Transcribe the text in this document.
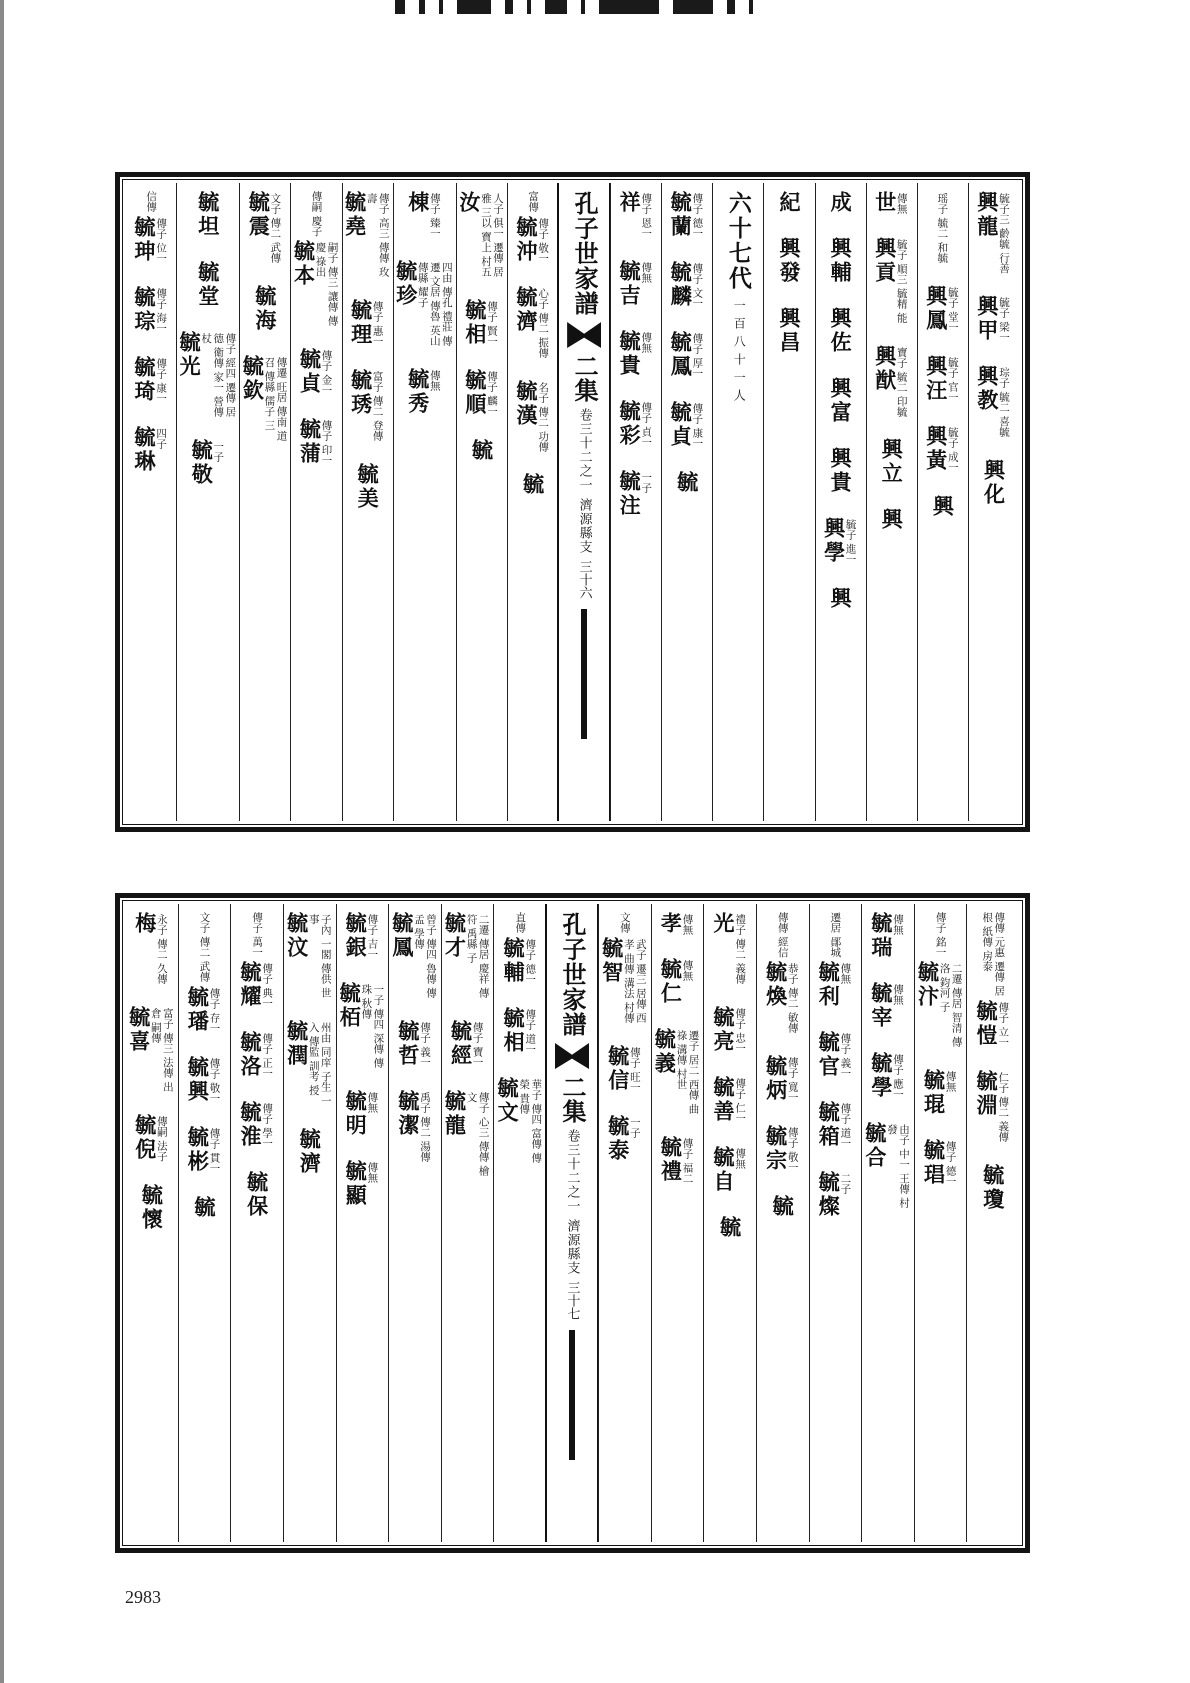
興龍
毓子三 齡毓 行善
興甲
毓子 梁一
興教
琮子 毓二 喜毓
興化
瑶子 毓二 和毓
興鳳
毓子 堂一
興汪
毓子 官一
興黃
毓子 成一
興
世
傳無
興貢
毓子 順三 毓精 能
興猷
寶子 毓二 印毓
興立
興
成
興輔
興佐
興富
興貴
興學
毓子 進一
興
紀
興發
興昌
六十七代
一百八十一人
毓蘭
傳子 德一
毓麟
傳子 文一
毓鳳
傳子 厚一
毓貞
傳子 康一
毓
祥
傳子 恩一
毓吉
傳無
毓貴
傳無
毓彩
傳子 貞一
毓注
一子
孔子世家譜
二集
卷三十二之一
濟源縣支
三十六
富傳
毓沖
傳子 敬一
毓濟
心子 傳二 振傳
毓漢
名子 傳二 功傳
毓
汝 人子 俱一 遷傳 居雅 三以 寶上 村五
毓相
傳子 賢一
毓順
傳子 麟一
毓
棟
傳子 臻一
毓珍	四由 傳孔 禮莊 傳遷 文居 傳魯 英山 傳縣 耀子
毓秀
傳無
毓堯 傳子 高三 傳傳 玫壽
毓理
傳子 惠一
毓琇
富子 傳二 登傳
毓美
傳嗣 慶子
毓本 嗣子 傳三 讓傳 傳慶 祿出
毓貞
傳子 金一
毓蒲
傳子 印一
毓震
文子 傳二 武傳
毓海
毓欽 傳遷 旺居 傳南 道召 傳縣 儒子 三
毓坦
毓堂
毓光	傳子 經四 遷傳 居德 衛傳 家一 營傳 杖
毓敬
一子
信傳
毓珅
傳子 位一
毓琮
傳子 海一
毓琦
傳子 康一
毓琳
四子
傳傳 元惠 遷傳 居根 紙傳 房泰
毓愷
傳子 立一
毓淵
仁子 傳二 義傳
毓瓊
傳子 銘一
毓汴 二遷 傳居 智清 傳洛 鈞河 子
毓琨
傳無
毓琩
傳子 德一
毓瑞
傳無
毓宰
傳無
毓學
傳子 應一
毓合 由子 中一 王傳 村發
遷居 鄖城
毓利
傳無
毓官
傳子 義一
毓箱
傳子 道一
毓燦
二子
傳傳 經信
毓煥
恭子 傳二 敏傳
毓炳
傳子 寬一
毓宗
傳子 敬一
毓
光
禮子 傳二 義傳
毓亮
傳子 忠一
毓善
傳子 仁一
毓自
傳無
毓
孝
傳無
毓仁
傳無
毓義 遷子 居二 西傳 曲祿 溝傳 村世
毓禮
傳子 福二
文傳
毓智 武子 遷三 居傳 西孝 曲傳 溝法 村傳
毓信
傳子 旺一
毓泰
一子
孔子世家譜
二集
卷三十二之一
濟源縣支
三十七
直傳
毓輔
傳子 德一
毓相
傳子 道一
毓文 華子 傳四 富傳 傳榮 貴傳
毓才 二遷 傳居 慶祥 傳符 禹縣 子
毓經
傳子 寶一
毓龍 傳子 心三 傳傳 檜文
毓鳳 曾子 傳四 魯傳 傳孟 學傳
毓哲
傳子 義一
毓潔
禹子 傳二 湯傳
毓銀
傳子 吉一
毓栢 一子 傳四 深傳 傳珠 秋傳
毓明
傳無
毓顯
傳無
毓汶 子內 一閣 傳供 世事
毓潤 州由 同庠 子生 一入 傳監 訓考 授
毓濟
傳子 萬一
毓耀
傳子 典一
毓洛
傳子 正一
毓淮
傳子 學一
毓保
文子 傳二 武傳
毓璠
傳子 存一
毓興
傳子 敬一
毓彬
傳子 貫一
毓
梅
永子 傳二 久傳
毓喜 富子 傳三 法傳 出倉 嗣傳
毓倪
傳嗣 法子
毓懷
2983
